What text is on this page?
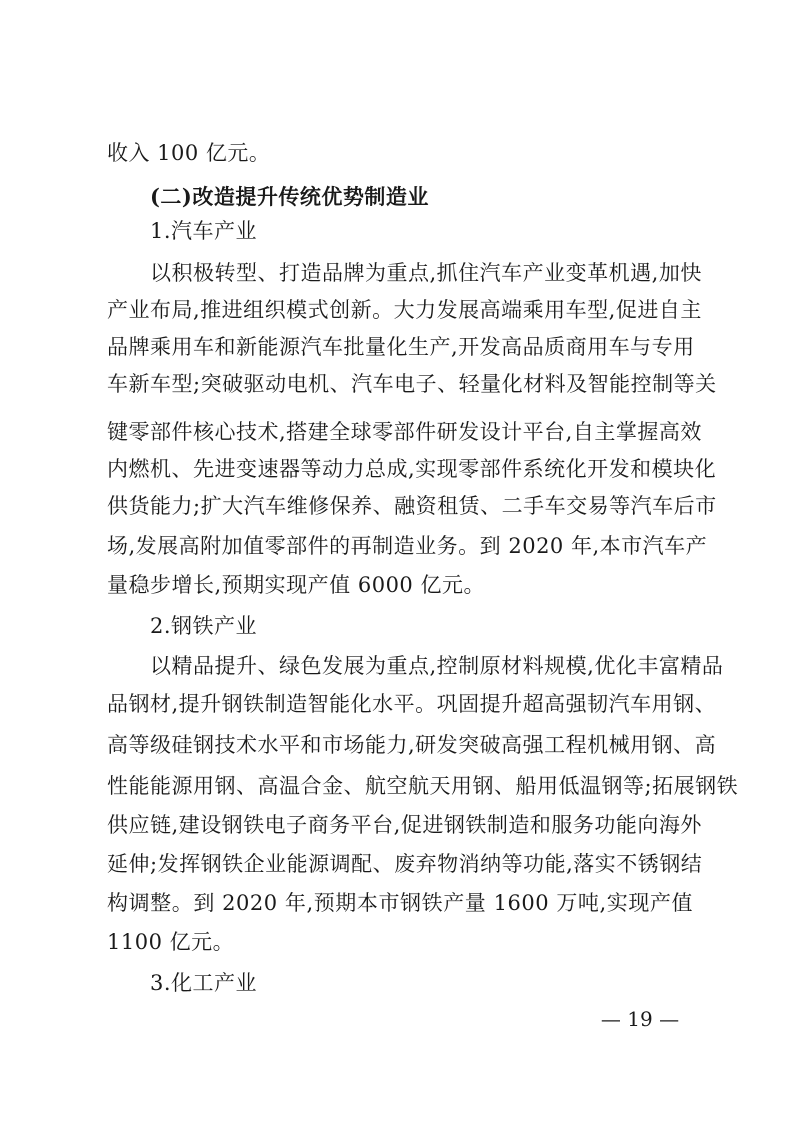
收入 100 亿元。
(二)改造提升传统优势制造业
1.汽车产业
以积极转型、打造品牌为重点,抓住汽车产业变革机遇,加快
产业布局,推进组织模式创新。大力发展高端乘用车型,促进自主
品牌乘用车和新能源汽车批量化生产,开发高品质商用车与专用
车新车型;突破驱动电机、汽车电子、轻量化材料及智能控制等关
键零部件核心技术,搭建全球零部件研发设计平台,自主掌握高效
内燃机、先进变速器等动力总成,实现零部件系统化开发和模块化
供货能力;扩大汽车维修保养、融资租赁、二手车交易等汽车后市
场,发展高附加值零部件的再制造业务。到 2020 年,本市汽车产
量稳步增长,预期实现产值 6000 亿元。
2.钢铁产业
以精品提升、绿色发展为重点,控制原材料规模,优化丰富精品
品钢材,提升钢铁制造智能化水平。巩固提升超高强韧汽车用钢、
高等级硅钢技术水平和市场能力,研发突破高强工程机械用钢、高
性能能源用钢、高温合金、航空航天用钢、船用低温钢等;拓展钢铁
供应链,建设钢铁电子商务平台,促进钢铁制造和服务功能向海外
延伸;发挥钢铁企业能源调配、废弃物消纳等功能,落实不锈钢结
构调整。到 2020 年,预期本市钢铁产量 1600 万吨,实现产值
1100 亿元。
3.化工产业
— 19 —
